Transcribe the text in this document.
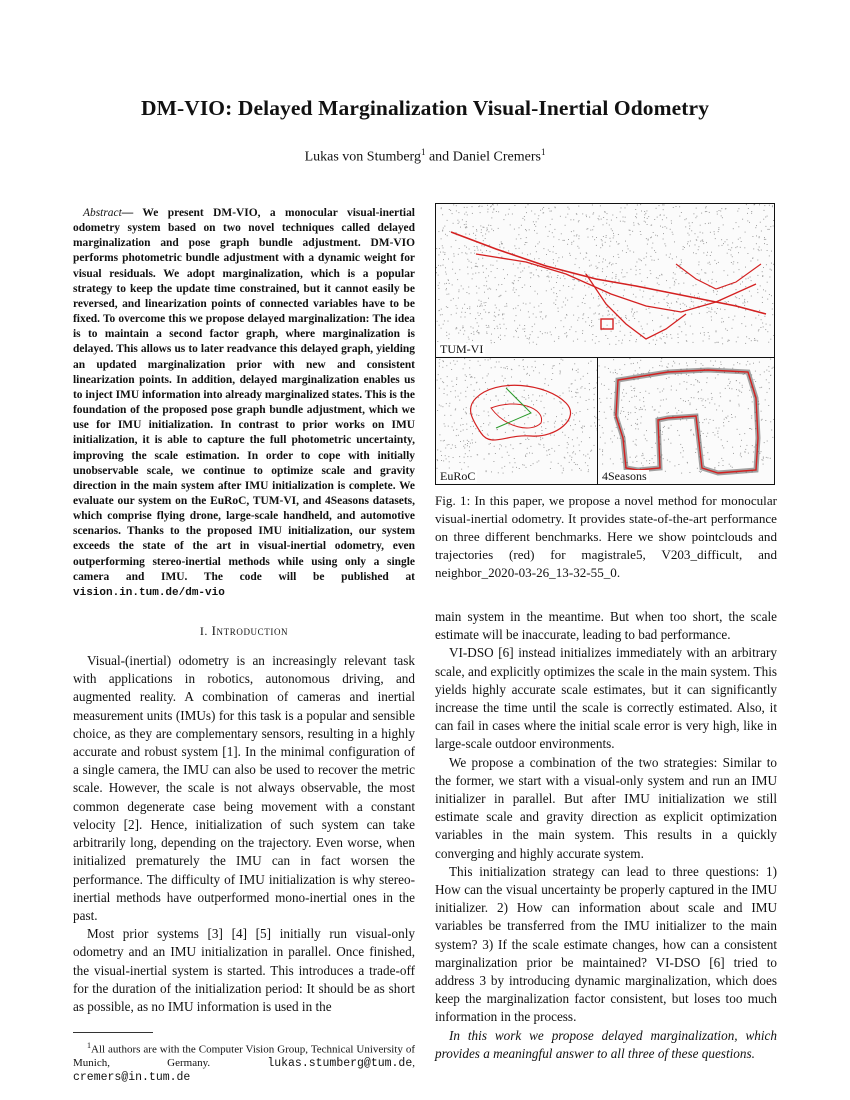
DM-VIO: Delayed Marginalization Visual-Inertial Odometry
Lukas von Stumberg$^1$ and Daniel Cremers$^1$

Abstract— We present DM-VIO, a monocular visual-inertial odometry system based on two novel techniques called delayed marginalization and pose graph bundle adjustment. DM-VIO performs photometric bundle adjustment with a dynamic weight for visual residuals. We adopt marginalization, which is a popular strategy to keep the update time constrained, but it cannot easily be reversed, and linearization points of connected variables have to be fixed. To overcome this we propose delayed marginalization: The idea is to maintain a second factor graph, where marginalization is delayed. This allows us to later readvance this delayed graph, yielding an updated marginalization prior with new and consistent linearization points. In addition, delayed marginalization enables us to inject IMU information into already marginalized states. This is the foundation of the proposed pose graph bundle adjustment, which we use for IMU initialization. In contrast to prior works on IMU initialization, it is able to capture the full photometric uncertainty, improving the scale estimation. In order to cope with initially unobservable scale, we continue to optimize scale and gravity direction in the main system after IMU initialization is complete. We evaluate our system on the EuRoC, TUM-VI, and 4Seasons datasets, which comprise flying drone, large-scale handheld, and automotive scenarios. Thanks to the proposed IMU initialization, our system exceeds the state of the art in visual-inertial odometry, even outperforming stereo-inertial methods while using only a single camera and IMU. The code will be published at vision.in.tum.de/dm-vio

I. Introduction

Visual-(inertial) odometry is an increasingly relevant task with applications in robotics, autonomous driving, and augmented reality. A combination of cameras and inertial measurement units (IMUs) for this task is a popular and sensible choice, as they are complementary sensors, resulting in a highly accurate and robust system [1]. In the minimal configuration of a single camera, the IMU can also be used to recover the metric scale. However, the scale is not always observable, the most common degenerate case being movement with a constant velocity [2]. Hence, initialization of such system can take arbitrarily long, depending on the trajectory. Even worse, when initialized prematurely the IMU can in fact worsen the performance. The difficulty of IMU initialization is why stereo-inertial methods have outperformed mono-inertial ones in the past.

Most prior systems [3] [4] [5] initially run visual-only odometry and an IMU initialization in parallel. Once finished, the visual-inertial system is started. This introduces a trade-off for the duration of the initialization period: It should be as short as possible, as no IMU information is used in the

$^1$All authors are with the Computer Vision Group, Technical University of Munich, Germany. lukas.stumberg@tum.de, cremers@in.tum.de

TUM-VI
EuRoC	4Seasons

Fig. 1: In this paper, we propose a novel method for monocular visual-inertial odometry. It provides state-of-the-art performance on three different benchmarks. Here we show pointclouds and trajectories (red) for magistrale5, V203_difficult, and neighbor_2020-03-26_13-32-55_0.

main system in the meantime. But when too short, the scale estimate will be inaccurate, leading to bad performance.

VI-DSO [6] instead initializes immediately with an arbitrary scale, and explicitly optimizes the scale in the main system. This yields highly accurate scale estimates, but it can significantly increase the time until the scale is correctly estimated. Also, it can fail in cases where the initial scale error is very high, like in large-scale outdoor environments.

We propose a combination of the two strategies: Similar to the former, we start with a visual-only system and run an IMU initializer in parallel. But after IMU initialization we still estimate scale and gravity direction as explicit optimization variables in the main system. This results in a quickly converging and highly accurate system.

This initialization strategy can lead to three questions: 1) How can the visual uncertainty be properly captured in the IMU initializer. 2) How can information about scale and IMU variables be transferred from the IMU initializer to the main system? 3) If the scale estimate changes, how can a consistent marginalization prior be maintained? VI-DSO [6] tried to address 3 by introducing dynamic marginalization, which does keep the marginalization factor consistent, but loses too much information in the process.

In this work we propose delayed marginalization, which provides a meaningful answer to all three of these questions.
